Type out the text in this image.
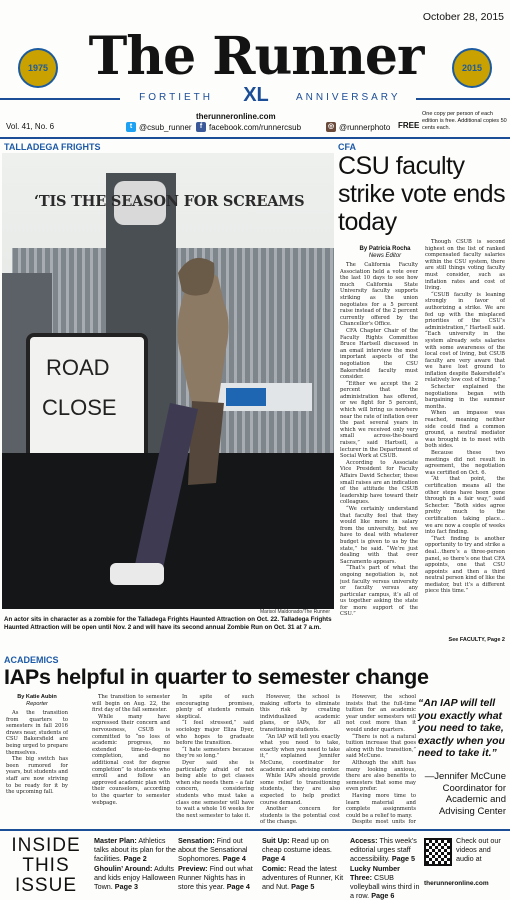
October 28, 2015
1975 The Runner	2015
FORTIETH	XL	ANNIVERSARY
Vol. 41, No. 6
therunneronline.com
t @csub_runner	f facebook.com/runnercsub	◎ @runnerphoto FREE
One copy per person of each edition is free. Additional copies 50 cents each.
TALLADEGA FRIGHTS
ROAD
CLOSE
‘TIS THE SEASON FOR SCREAMS
Marisol Maldonado/The Runner
An actor sits in character as a zombie for the Talladega Frights Haunted Attraction on Oct. 22. Talladega Frights Haunted Attraction will be open until Nov. 2 and will have its second annual Zombie Run on Oct. 31 at 7 a.m.
CFA
CSU faculty strike vote ends today
By Patricia Rocha
News Editor

The California Faculty Association held a vote over the last 10 days to see how much California State University faculty supports striking as the union negotiates for a 5 percent raise instead of the 2 percent currently offered by the Chancellor's Office.

CFA Chapter Chair of the Faculty Rights Committee Bruce Hartsell discussed in an email interview the most important aspects of the negotiation the CSU Bakersfield faculty must consider.

“Either we accept the 2 percent that the administration has offered, or we fight for 5 percent, which will bring us nowhere near the rate of inflation over the past several years in which we received only very small across-the-board raises,” said Hartsell, a lecturer in the Department of Social Work at CSUB.

According to Associate Vice President for Faculty Affairs David Schecter, these small raises are an indication of the attitude the CSUB leadership have toward their colleagues.

“We certainly understand that faculty feel that they would like more in salary from the university, but we have to deal with whatever budget is given to us by the state,” he said. “We’re just dealing with that over Sacramento appears.

“That’s part of what the ongoing negotiation is, not just faculty versus university or faculty versus any particular campus, it’s all of us together asking the state for more support of the CSU.”

Though CSUB is second highest on the list of ranked compensated faculty salaries within the CSU system, there are still things voting faculty must consider, such as inflation rates and cost of living.

“CSUB faculty is leaning strongly in favor of authorizing a strike. We are fed up with the misplaced priorities of the CSU’s administration,” Hartsell said. “Each university in the system already sets salaries with some awareness of the local cost of living, but CSUB faculty are very aware that we have lost ground to inflation despite Bakersfield’s relatively low cost of living.”

Schecter explained the negotiations began with bargaining in the summer months.

When an impasse was reached, meaning neither side could find a common ground, a neutral mediator was brought in to meet with both sides.

Because these two meetings did not result in agreement, the negotiation was certified on Oct. 6.

“At that point, the certification means all the other steps have been gone through in a fair way,” said Schecter. “Both sides agree pretty much to the certification taking place… we are now a couple of weeks into fact finding.

“Fact finding is another opportunity to try and strike a deal…there’s a three-person panel, so there’s one that CFA appoints, one that CSU appoints and then a third neutral person kind of like the mediator, but it’s a different piece this time.”

See FACULTY, Page 2
ACADEMICS
IAPs helpful in quarter to semester change
By Katie Aubin
Reporter

As the transition from quarters to semesters in fall 2016 draws near, students of CSU Bakersfield are being urged to prepare themselves.

The big switch has been rumored for years, but students and staff are now striving to be ready for it by the upcoming fall.

The transition to semester will begin on Aug. 22, the first day of the fall semester.

While many have expressed their concern and nervousness, CSUB is committed to “no loss of academic progress, no extended time-to-degree completion, and no additional cost for degree completion” to students who enroll and follow an approved academic plan with their counselors, according to the quarter to semester webpage.

In spite of such encouraging promises, plenty of students remain skeptical.

“I feel stressed,” said sociology major Eliza Dyer, who hopes to graduate before the transition.

“I hate semesters because they’re so long.”

Dyer said she is particularly afraid of not being able to get classes when she needs them – a fair concern, considering students who must take a class one semester will have to wait a whole 16 weeks for the next semester to take it.

However, the school is making efforts to eliminate this risk by creating individualized academic plans, or IAPs, for all transitioning students.

“An IAP will tell you exactly what you need to take, exactly when you need to take it,” explained Jennifer McCune, coordinator for academic and advising center.

While IAPs should provide some relief to transitioning students, they are also expected to help predict course demand.

Another concern for students is the potential cost of the change.

However, the school insists that the full-time tuition for an academic year under semesters will not cost more than it would under quarters.

“There is not a natural tuition increase that goes along with the transition,” said McCune.

Although the shift has many looking anxious, there are also benefits to semesters that some may even prefer.

Having more time to learn material and complete assignments could be a relief to many.

Despite most units for

“An IAP will tell you exactly what you need to take, exactly when you need to take it.”
—Jennifer McCune Coordinator for Academic and Advising Center
INSIDE THIS ISSUE
Master Plan: Athletics talks about its plan for the facilities. Page 2
Ghoulin’ Around: Adults and kids enjoy Halloween Town. Page 3
Sensation: Find out about the Sensational Sophomores. Page 4
Preview: Find out what Runner Nights has in store this year. Page 4
Suit Up: Read up on cheap costume ideas. Page 4
Comic: Read the latest adventures of Runner, Kit and Nut. Page 5
Access: This week’s editorial urges staff accessibility. Page 5
Lucky Number Three: CSUB volleyball wins third in a row. Page 6
Check out our videos and audio at
therunneronline.com
